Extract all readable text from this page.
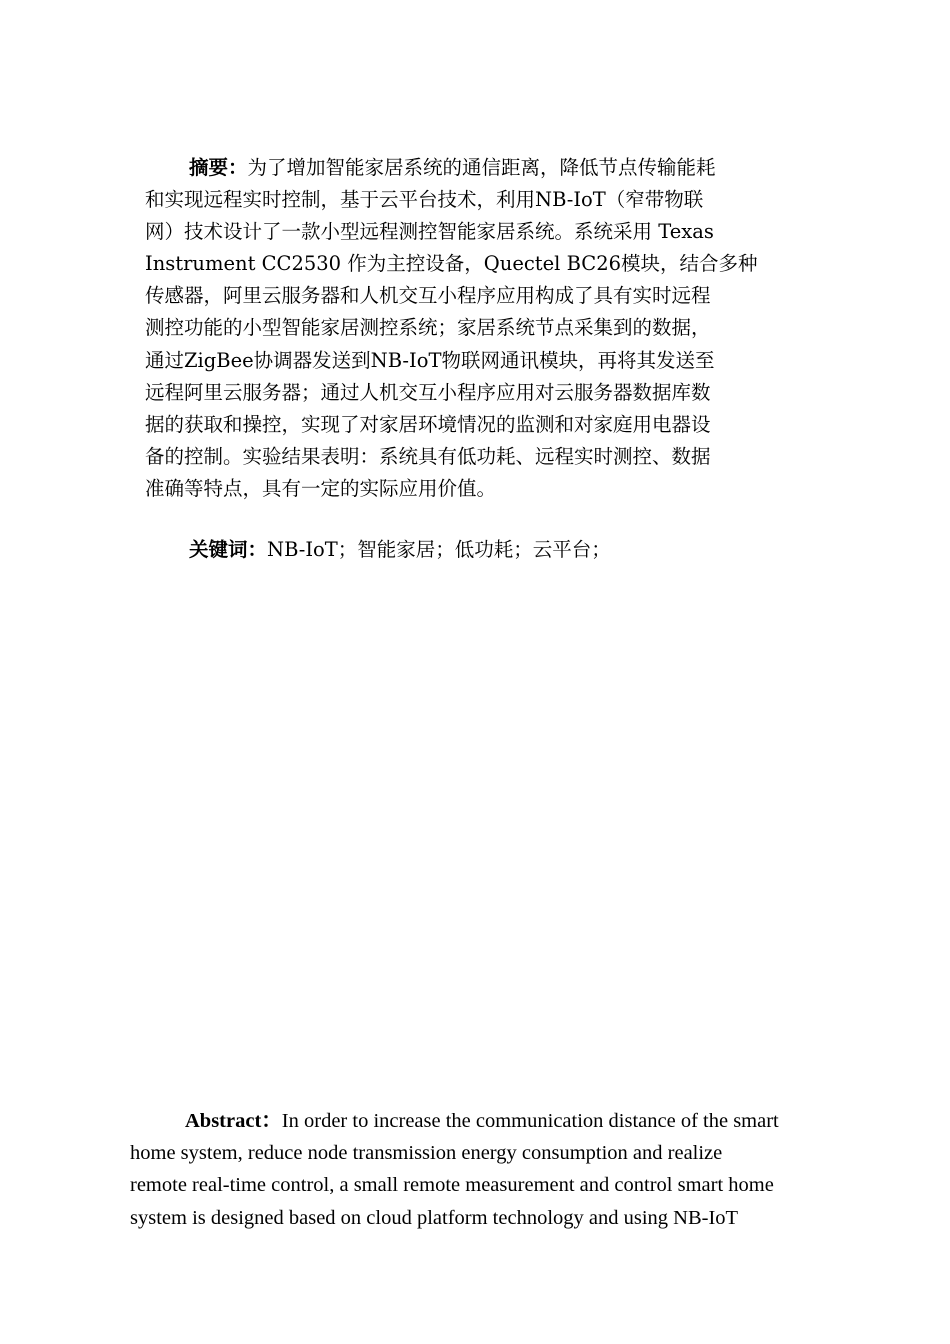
摘要：为了增加智能家居系统的通信距离，降低节点传输能耗
和实现远程实时控制，基于云平台技术，利用NB-IoT（窄带物联
网）技术设计了一款小型远程测控智能家居系统。系统采用 Texas
Instrument CC2530 作为主控设备，Quectel BC26模块，结合多种
传感器，阿里云服务器和人机交互小程序应用构成了具有实时远程
测控功能的小型智能家居测控系统；家居系统节点采集到的数据，
通过ZigBee协调器发送到NB-IoT物联网通讯模块，再将其发送至
远程阿里云服务器；通过人机交互小程序应用对云服务器数据库数
据的获取和操控，实现了对家居环境情况的监测和对家庭用电器设
备的控制。实验结果表明：系统具有低功耗、远程实时测控、数据
准确等特点，具有一定的实际应用价值。
关键词：NB-IoT；智能家居；低功耗；云平台；
Abstract：In order to increase the communication distance of the smart
home system, reduce node transmission energy consumption and realize
remote real-time control, a small remote measurement and control smart home
system is designed based on cloud platform technology and using NB-IoT
